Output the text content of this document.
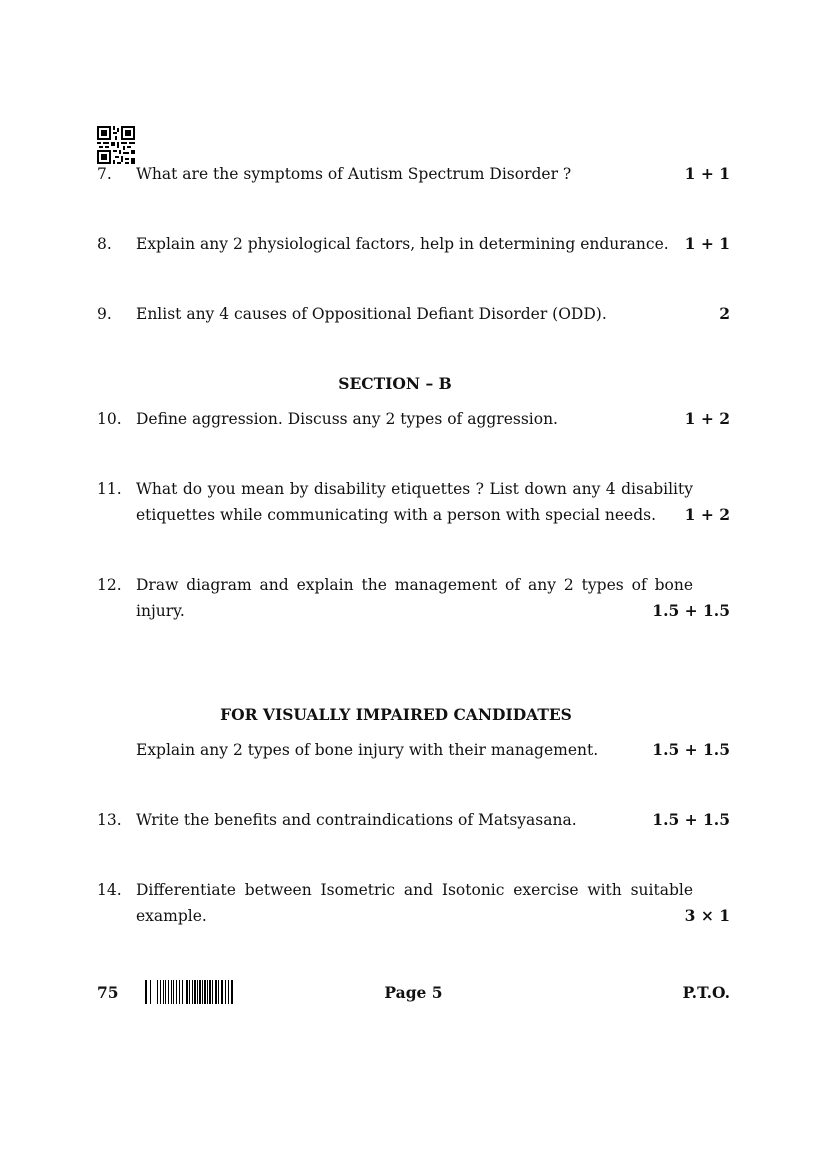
7.	What are the symptoms of Autism Spectrum Disorder ?	1 + 1
8.	Explain any 2 physiological factors, help in determining endurance. 1 + 1
9.	Enlist any 4 causes of Oppositional Defiant Disorder (ODD).	2
SECTION – B
10. Define aggression. Discuss any 2 types of aggression.	1 + 2
11. What do you mean by disability etiquettes ? List down any 4 disability
etiquettes while communicating with a person with special needs. 1 + 2
12. Draw diagram and explain the management of any 2 types of bone
injury.	1.5 + 1.5
FOR VISUALLY IMPAIRED CANDIDATES
Explain any 2 types of bone injury with their management.	1.5 + 1.5
13. Write the benefits and contraindications of Matsyasana.	1.5 + 1.5
14. Differentiate between Isometric and Isotonic exercise with suitable
example.	3 × 1
75	Page 5	P.T.O.
